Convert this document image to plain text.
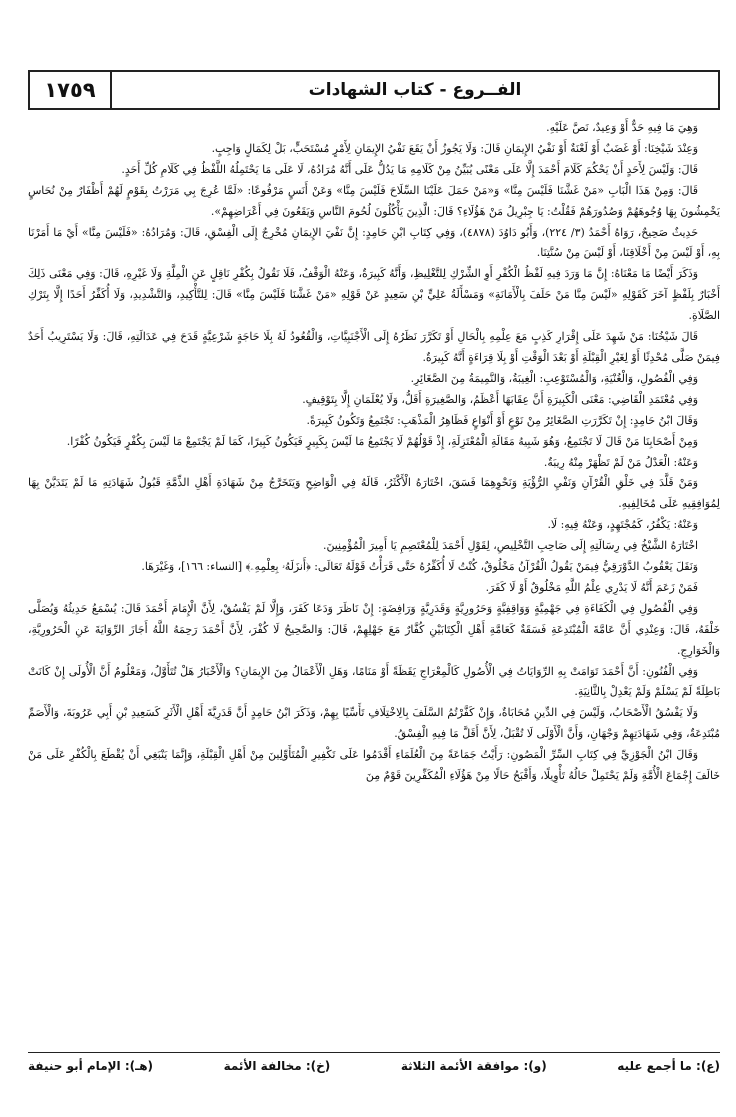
١٧٥٩	الفــروع - كتاب الشهادات

وَهِيَ مَا فِيهِ حَدٌّ أَوْ وَعِيدٌ، نَصَّ عَلَيْهِ.

وَعِنْدَ شَيْخِنَا: أَوْ غَضَبٌ أَوْ لَعْنَةٌ أَوْ نَفْيُ الإِيمَانِ قَالَ: وَلَا يَجُوزُ أَنْ يَقَعَ نَفْيُ الإِيمَانِ لِأَمْرٍ مُسْتَحَبٍّ، بَلْ لِكَمَالٍ وَاجِبٍ.

قَالَ: وَلَيْسَ لِأَحَدٍ أَنْ يَحْكُمَ كَلَامَ أَحْمَدَ إِلَّا عَلَى مَعْنًى يُبَيِّنُ مِنْ كَلَامِهِ مَا يَدُلُّ عَلَى أَنَّهُ مُرَادُهُ، لَا عَلَى مَا يَحْتَمِلُهُ اللَّفْظُ فِي كَلَامِ كُلِّ أَحَدٍ.

قَالَ: وَمِنْ هَذَا الْبَابِ «مَنْ غَشَّنَا فَلَيْسَ مِنَّا» وَ«مَنْ حَمَلَ عَلَيْنَا السِّلَاحَ فَلَيْسَ مِنَّا» وَعَنْ أَنَسٍ مَرْفُوعًا: «لَمَّا عُرِجَ بِي مَرَرْتُ بِقَوْمٍ لَهُمْ أَظْفَارٌ مِنْ نُحَاسٍ يَخْمِشُونَ بِهَا وُجُوهَهُمْ وَصُدُورَهُمْ فَقُلْتُ: يَا جِبْرِيلُ مَنْ هَؤُلَاءِ؟ قَالَ: الَّذِينَ يَأْكُلُونَ لُحُومَ النَّاسِ وَيَقَعُونَ فِي أَعْرَاضِهِمْ».

حَدِيثٌ صَحِيحٌ، رَوَاهُ أَحْمَدُ (٣/ ٢٢٤)، وَأَبُو دَاوُدَ (٤٨٧٨)، وَفِي كِتَابِ ابْنِ حَامِدٍ: إِنَّ نَفْيَ الإِيمَانِ مُخْرِجٌ إِلَى الْفِسْقِ، قَالَ: وَمُرَادُهُ: «فَلَيْسَ مِنَّا» أَيْ مَا أَمَرْنَا بِهِ، أَوْ لَيْسَ مِنْ أَخْلَاقِنَا، أَوْ لَيْسَ مِنْ سُنَّتِنَا.

وَذَكَرَ أَيْضًا مَا مَعْنَاهُ: إِنَّ مَا وَرَدَ فِيهِ لَفْظُ الْكُفْرِ أَوِ الشِّرْكِ لِلتَّغْلِيظِ، وَأَنَّهُ كَبِيرَةٌ، وَعَنْهُ الْوَقْفُ، فَلَا نَقُولُ بِكُفْرِ نَاقِلٍ عَنِ الْمِلَّةِ وَلَا غَيْرِهِ، قَالَ: وَفِي مَعْنَى ذَلِكَ أَخْبَارٌ بِلَفْظٍ آخَرَ كَقَوْلِهِ «لَيْسَ مِنَّا مَنْ حَلَفَ بِالْأَمَانَةِ» وَمَسْأَلَةُ عَلِيٍّ بْنِ سَعِيدٍ عَنْ قَوْلِهِ «مَنْ غَشَّنَا فَلَيْسَ مِنَّا» قَالَ: لِلتَّأْكِيدِ، وَالتَّشْدِيدِ، وَلَا أُكَفِّرُ أَحَدًا إِلَّا بِتَرْكِ الصَّلَاةِ.

قَالَ شَيْخُنَا: مَنْ شَهِدَ عَلَى إِقْرَارِ كَذِبٍ مَعَ عِلْمِهِ بِالْحَالِ أَوْ تَكَرَّرَ نَظَرُهُ إِلَى الْأَجْنَبِيَّاتِ، وَالْقُعُودُ لَهُ بِلَا حَاجَةٍ شَرْعِيَّةٍ قَدَحَ فِي عَدَالَتِهِ، قَالَ: وَلَا يَسْتَرِيبُ أَحَدٌ فِيمَنْ صَلَّى مُحْدِثًا أَوْ لِغَيْرِ الْقِبْلَةِ أَوْ بَعْدَ الْوَقْتِ أَوْ بِلَا قِرَاءَةٍ أَنَّهُ كَبِيرَةٌ.

وَفِي الْفُصُولِ، وَالْغُنْيَةِ، وَالْمُسْتَوْعِبِ: الْغِيبَةُ، وَالنَّمِيمَةُ مِنَ الصَّغَائِرِ.

وَفِي مُعْتَمَدِ الْقَاضِي: مَعْنَى الْكَبِيرَةِ أَنَّ عِقَابَهَا أَعْظَمُ، وَالصَّغِيرَةِ أَقَلُّ، وَلَا يُعْلَمَانِ إِلَّا بِتَوْقِيفٍ.

وَقَالَ ابْنُ حَامِدٍ: إِنْ تَكَرَّرَتِ الصَّغَائِرُ مِنْ نَوْعٍ أَوْ أَنْوَاعٍ فَظَاهِرُ الْمَذْهَبِ: تَجْتَمِعُ وَتَكُونُ كَبِيرَةً.

وَمِنْ أَصْحَابِنَا مَنْ قَالَ لَا تَجْتَمِعُ، وَهُوَ شَبِيهُ مَقَالَةِ الْمُعْتَزِلَةِ، إِذْ قَوْلُهُمْ لَا يَجْتَمِعُ مَا لَيْسَ بِكَبِيرٍ فَيَكُونُ كَبِيرًا، كَمَا لَمْ يَجْتَمِعْ مَا لَيْسَ بِكُفْرٍ فَيَكُونُ كُفْرًا.

وَعَنْهُ: الْعَدْلُ مَنْ لَمْ تَظْهَرْ مِنْهُ رِيبَةٌ.

وَمَنْ قَلَّدَ فِي خَلْقِ الْقُرْآنِ وَنَفْيِ الرُّؤْيَةِ وَنَحْوِهِمَا فَسَقَ، اخْتَارَهُ الْأَكْثَرُ، قَالَهُ فِي الْوَاضِحِ وَيَتَخَرَّجُ مِنْ شَهَادَةِ أَهْلِ الذِّمَّةِ قَبُولُ شَهَادَتِهِ مَا لَمْ يَتَدَيَّنْ بِهَا لِمُوَافِقِيهِ عَلَى مُخَالِفِيهِ.

وَعَنْهُ: يَكْفُرُ، كَمُجْتَهِدٍ، وَعَنْهُ فِيهِ: لَا.

اخْتَارَهُ الشَّيْخُ فِي رِسَالَتِهِ إِلَى صَاحِبِ التَّخْلِيصِ، لِقَوْلِ أَحْمَدَ لِلْمُعْتَصِمِ يَا أَمِيرَ الْمُؤْمِنِينَ.

وَنَقَلَ يَعْقُوبُ الدَّوْرَقِيُّ فِيمَنْ يَقُولُ الْقُرْآنُ مَخْلُوقٌ، كُنْتُ لَا أُكَفِّرُهُ حَتَّى قَرَأْتُ قَوْلَهُ تَعَالَى: ﴿أَنزَلَهُۥ بِعِلْمِهِۦ﴾ [النساء: ١٦٦]، وَغَيْرَهَا.

فَمَنْ زَعَمَ أَنَّهُ لَا يَدْرِي عِلْمُ اللَّهِ مَخْلُوقٌ أَوْ لَا كَفَرَ.

وَفِي الْفُصُولِ فِي الْكَفَاءَةِ فِي جَهْمِيَّةٍ وَوَاقِفِيَّةٍ وَحَرُورِيَّةٍ وَقَدَرِيَّةٍ وَرَافِضَةٍ: إِنْ نَاظَرَ وَدَعَا كَفَرَ، وَإِلَّا لَمْ يَفْسُقْ، لِأَنَّ الْإِمَامَ أَحْمَدَ قَالَ: يُسْمَعُ حَدِيثُهُ وَيُصَلَّى خَلْفَهُ، قَالَ: وَعِنْدِي أَنَّ عَامَّةَ الْمُبْتَدِعَةِ فَسَقَةٌ كَعَامَّةِ أَهْلِ الْكِتَابَيْنِ كُفَّارٌ مَعَ جَهْلِهِمْ، قَالَ: وَالصَّحِيحُ لَا كُفْرَ، لِأَنَّ أَحْمَدَ رَحِمَهُ اللَّهُ أَجَازَ الرِّوَايَةَ عَنِ الْحَرُورِيَّةِ، وَالْخَوَارِجِ.

وَفِي الْفُنُونِ: أَنَّ أَحْمَدَ تَوَامَتْ بِهِ الرِّوَايَاتُ فِي الْأُصُولِ كَالْمِعْرَاجِ يَقَظَةً أَوْ مَنَامًا، وَهَلِ الْأَعْمَالُ مِنَ الإِيمَانِ؟ وَالْأَخْبَارُ هَلْ تُتَأَوَّلُ، وَمَعْلُومٌ أَنَّ الْأُولَى إِنْ كَانَتْ بَاطِلَةً لَمْ يَسْلَمْ وَلَمْ يَعْدِلْ بِالثَّانِيَةِ.

وَلَا يَفْسُقُ الْأَصْحَابُ، وَلَيْسَ فِي الدِّينِ مُحَابَاةٌ، وَإِنْ كَفَّرْتُمُ السَّلَفَ بِالِاخْتِلَافِ تَأَسِّيًا بِهِمْ، وَذَكَرَ ابْنُ حَامِدٍ أَنَّ قَدَرِيَّةَ أَهْلِ الْأَثَرِ كَسَعِيدِ بْنِ أَبِي عَرُوبَةَ، وَالْأَصَمِّ مُبْتَدِعَةٌ، وَفِي شَهَادَتِهِمْ وَجْهَانِ، وَأَنَّ الْأَوْلَى لَا تُقْبَلُ، لِأَنَّ أَقَلَّ مَا فِيهِ الْفِسْقُ.

وَقَالَ ابْنُ الْجَوْزِيِّ فِي كِتَابِ السِّرِّ الْمَصُونِ: رَأَيْتُ جَمَاعَةً مِنَ الْعُلَمَاءِ أَقْدَمُوا عَلَى تَكْفِيرِ الْمُتَأَوِّلِينَ مِنْ أَهْلِ الْقِبْلَةِ، وَإِنَّمَا يَنْبَغِي أَنْ يُقْطَعَ بِالْكُفْرِ عَلَى مَنْ خَالَفَ إِجْمَاعَ الْأُمَّةِ وَلَمْ يَحْتَمِلْ حَالُهُ تَأْوِيلًا، وَأَقْبَحُ حَالًا مِنْ هَؤُلَاءِ الْمُكَفِّرِينَ قَوْمٌ مِنَ

(ع): ما أجمع عليه
(و): موافقة الأئمة الثلاثة
(خ): مخالفة الأئمة
(هـ): الإمام أبو حنيفة
